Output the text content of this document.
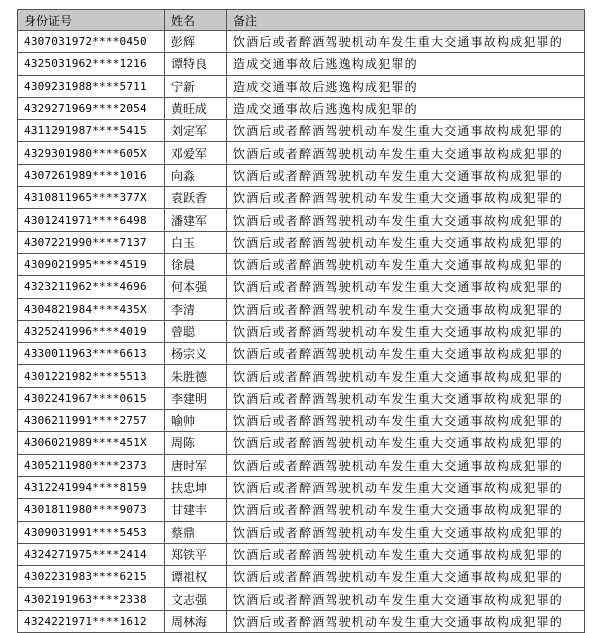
身份证号	姓名	备注
4307031972****0450	彭辉	饮酒后或者醉酒驾驶机动车发生重大交通事故构成犯罪的
4325031962****1216	谭特良	造成交通事故后逃逸构成犯罪的
4309231988****5711	宁新	造成交通事故后逃逸构成犯罪的
4329271969****2054	黄旺成	造成交通事故后逃逸构成犯罪的
4311291987****5415	刘定军	饮酒后或者醉酒驾驶机动车发生重大交通事故构成犯罪的
4329301980****605X	邓爱军	饮酒后或者醉酒驾驶机动车发生重大交通事故构成犯罪的
4307261989****1016	向淼	饮酒后或者醉酒驾驶机动车发生重大交通事故构成犯罪的
4310811965****377X	袁跃香	饮酒后或者醉酒驾驶机动车发生重大交通事故构成犯罪的
4301241971****6498	潘建军	饮酒后或者醉酒驾驶机动车发生重大交通事故构成犯罪的
4307221990****7137	白玉	饮酒后或者醉酒驾驶机动车发生重大交通事故构成犯罪的
4309021995****4519	徐晨	饮酒后或者醉酒驾驶机动车发生重大交通事故构成犯罪的
4323211962****4696	何本强	饮酒后或者醉酒驾驶机动车发生重大交通事故构成犯罪的
4304821984****435X	李清	饮酒后或者醉酒驾驶机动车发生重大交通事故构成犯罪的
4325241996****4019	曾聪	饮酒后或者醉酒驾驶机动车发生重大交通事故构成犯罪的
4330011963****6613	杨宗义	饮酒后或者醉酒驾驶机动车发生重大交通事故构成犯罪的
4301221982****5513	朱胜德	饮酒后或者醉酒驾驶机动车发生重大交通事故构成犯罪的
4302241967****0615	李建明	饮酒后或者醉酒驾驶机动车发生重大交通事故构成犯罪的
4306211991****2757	喻帅	饮酒后或者醉酒驾驶机动车发生重大交通事故构成犯罪的
4306021989****451X	周陈	饮酒后或者醉酒驾驶机动车发生重大交通事故构成犯罪的
4305211980****2373	唐时军	饮酒后或者醉酒驾驶机动车发生重大交通事故构成犯罪的
4312241994****8159	扶忠坤	饮酒后或者醉酒驾驶机动车发生重大交通事故构成犯罪的
4301811980****9073	甘建丰	饮酒后或者醉酒驾驶机动车发生重大交通事故构成犯罪的
4309031991****5453	蔡鼎	饮酒后或者醉酒驾驶机动车发生重大交通事故构成犯罪的
4324271975****2414	郑铁平	饮酒后或者醉酒驾驶机动车发生重大交通事故构成犯罪的
4302231983****6215	谭祖权	饮酒后或者醉酒驾驶机动车发生重大交通事故构成犯罪的
4302191963****2338	文志强	饮酒后或者醉酒驾驶机动车发生重大交通事故构成犯罪的
4324221971****1612	周林海	饮酒后或者醉酒驾驶机动车发生重大交通事故构成犯罪的
